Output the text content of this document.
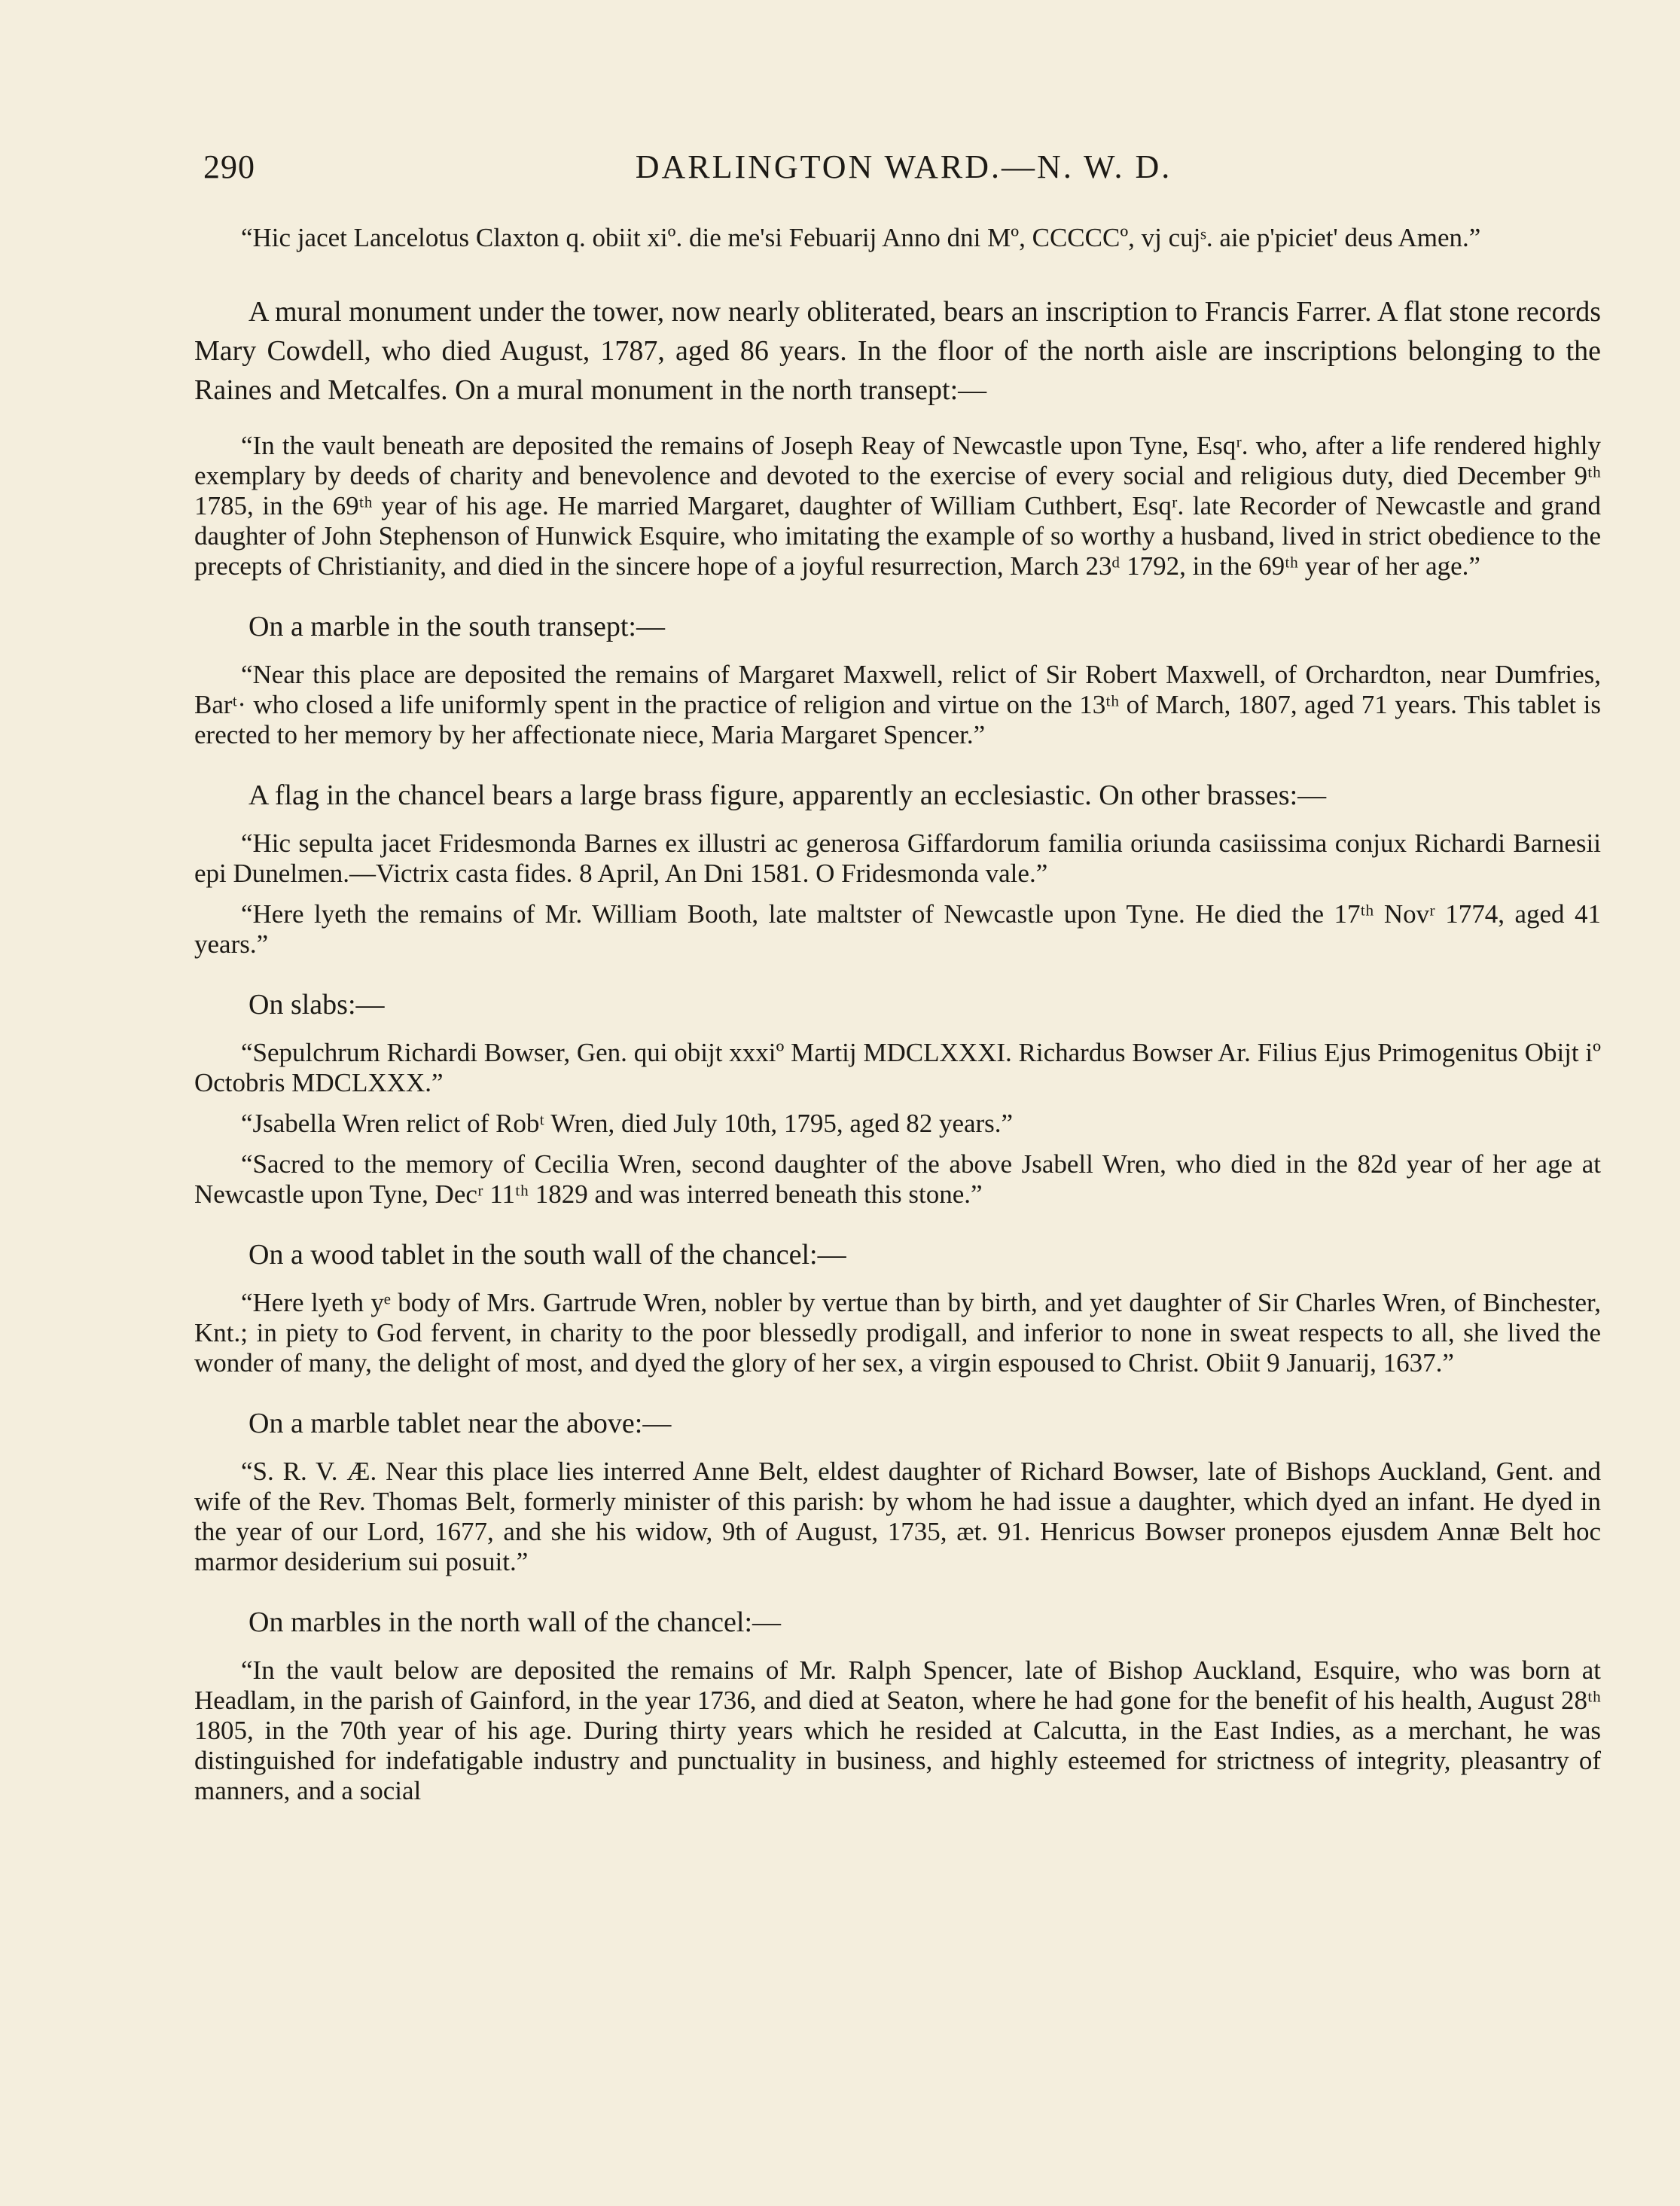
290	DARLINGTON WARD.—N. W. D.

“Hic jacet Lancelotus Claxton q. obiit xiº. die me'si Febuarij Anno dni Mº, CCCCCº, vj cujˢ. aie p'piciet' deus Amen.”

A mural monument under the tower, now nearly obliterated, bears an inscription to Francis Farrer. A flat stone records Mary Cowdell, who died August, 1787, aged 86 years. In the floor of the north aisle are inscriptions belonging to the Raines and Metcalfes. On a mural monument in the north transept:—

“In the vault beneath are deposited the remains of Joseph Reay of Newcastle upon Tyne, Esqʳ. who, after a life rendered highly exemplary by deeds of charity and benevolence and devoted to the exercise of every social and religious duty, died December 9ᵗʰ 1785, in the 69ᵗʰ year of his age. He married Margaret, daughter of William Cuthbert, Esqʳ. late Recorder of Newcastle and grand daughter of John Stephenson of Hunwick Esquire, who imitating the example of so worthy a husband, lived in strict obedience to the precepts of Christianity, and died in the sincere hope of a joyful resurrection, March 23ᵈ 1792, in the 69ᵗʰ year of her age.”

On a marble in the south transept:—

“Near this place are deposited the remains of Margaret Maxwell, relict of Sir Robert Maxwell, of Orchardton, near Dumfries, Barᵗ· who closed a life uniformly spent in the practice of religion and virtue on the 13ᵗʰ of March, 1807, aged 71 years. This tablet is erected to her memory by her affectionate niece, Maria Margaret Spencer.”

A flag in the chancel bears a large brass figure, apparently an ecclesiastic. On other brasses:—

“Hic sepulta jacet Fridesmonda Barnes ex illustri ac generosa Giffardorum familia oriunda casiissima conjux Richardi Barnesii epi Dunelmen.—Victrix casta fides. 8 April, An Dni 1581. O Fridesmonda vale.”

“Here lyeth the remains of Mr. William Booth, late maltster of Newcastle upon Tyne. He died the 17ᵗʰ Novʳ 1774, aged 41 years.”

On slabs:—

“Sepulchrum Richardi Bowser, Gen. qui obijt xxxiº Martij MDCLXXXI. Richardus Bowser Ar. Filius Ejus Primogenitus Obijt iº Octobris MDCLXXX.”

“Jsabella Wren relict of Robᵗ Wren, died July 10th, 1795, aged 82 years.”

“Sacred to the memory of Cecilia Wren, second daughter of the above Jsabell Wren, who died in the 82d year of her age at Newcastle upon Tyne, Decʳ 11ᵗʰ 1829 and was interred beneath this stone.”

On a wood tablet in the south wall of the chancel:—

“Here lyeth yᵉ body of Mrs. Gartrude Wren, nobler by vertue than by birth, and yet daughter of Sir Charles Wren, of Binchester, Knt.; in piety to God fervent, in charity to the poor blessedly prodigall, and inferior to none in sweat respects to all, she lived the wonder of many, the delight of most, and dyed the glory of her sex, a virgin espoused to Christ. Obiit 9 Januarij, 1637.”

On a marble tablet near the above:—

“S. R. V. Æ. Near this place lies interred Anne Belt, eldest daughter of Richard Bowser, late of Bishops Auckland, Gent. and wife of the Rev. Thomas Belt, formerly minister of this parish: by whom he had issue a daughter, which dyed an infant. He dyed in the year of our Lord, 1677, and she his widow, 9th of August, 1735, æt. 91. Henricus Bowser pronepos ejusdem Annæ Belt hoc marmor desiderium sui posuit.”

On marbles in the north wall of the chancel:—

“In the vault below are deposited the remains of Mr. Ralph Spencer, late of Bishop Auckland, Esquire, who was born at Headlam, in the parish of Gainford, in the year 1736, and died at Seaton, where he had gone for the benefit of his health, August 28ᵗʰ 1805, in the 70th year of his age. During thirty years which he resided at Calcutta, in the East Indies, as a merchant, he was distinguished for indefatigable industry and punctuality in business, and highly esteemed for strictness of integrity, pleasantry of manners, and a social
